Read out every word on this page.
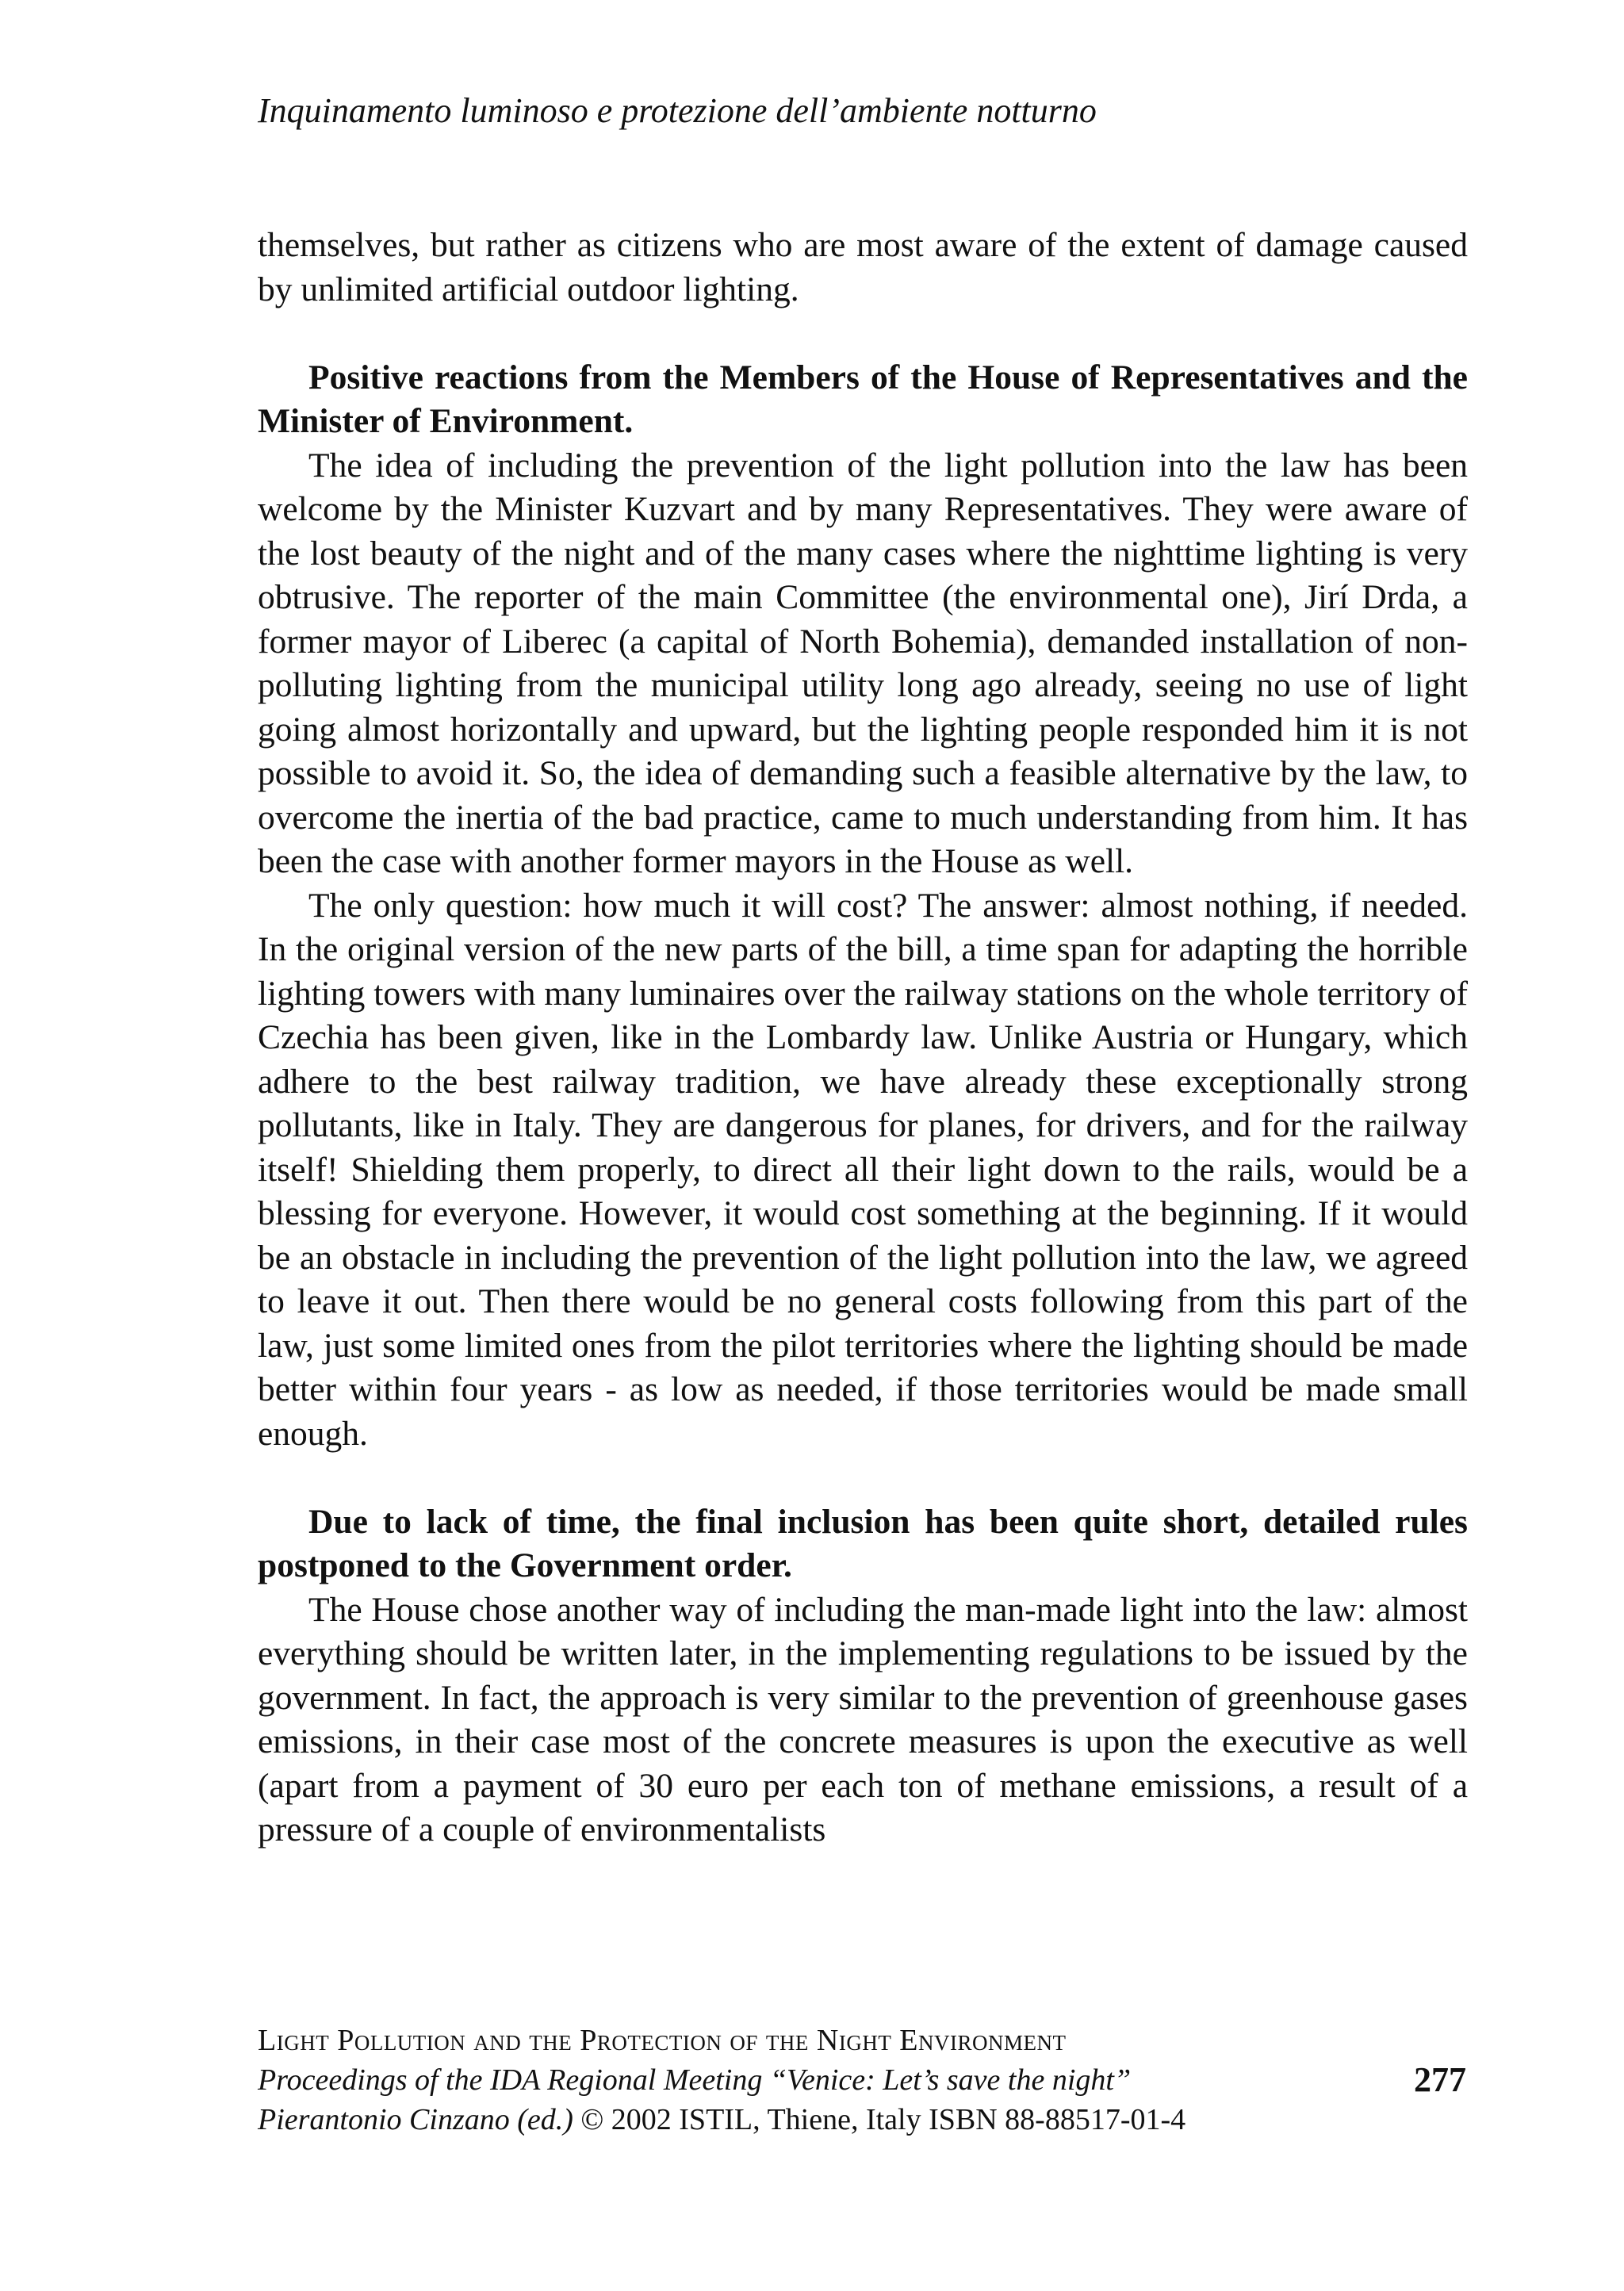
Inquinamento luminoso e protezione dell’ambiente notturno

themselves, but rather as citizens who are most aware of the extent of damage caused by unlimited artificial outdoor lighting.

Positive reactions from the Members of the House of Representatives and the Minister of Environment.

The idea of including the prevention of the light pollution into the law has been welcome by the Minister Kuzvart and by many Representatives. They were aware of the lost beauty of the night and of the many cases where the nighttime lighting is very obtrusive. The reporter of the main Committee (the environmental one), Jirí Drda, a former mayor of Liberec (a capital of North Bohemia), demanded installation of non-polluting lighting from the municipal utility long ago already, seeing no use of light going almost horizontally and upward, but the lighting people responded him it is not possible to avoid it. So, the idea of demanding such a feasible alternative by the law, to overcome the inertia of the bad practice, came to much understanding from him. It has been the case with another former mayors in the House as well.

The only question: how much it will cost? The answer: almost nothing, if needed. In the original version of the new parts of the bill, a time span for adapting the horrible lighting towers with many luminaires over the railway stations on the whole territory of Czechia has been given, like in the Lombardy law. Unlike Austria or Hungary, which adhere to the best railway tradition, we have already these exceptionally strong pollutants, like in Italy. They are dangerous for planes, for drivers, and for the railway itself! Shielding them properly, to direct all their light down to the rails, would be a blessing for everyone. However, it would cost something at the beginning. If it would be an obstacle in including the prevention of the light pollution into the law, we agreed to leave it out. Then there would be no general costs following from this part of the law, just some limited ones from the pilot territories where the lighting should be made better within four years - as low as needed, if those territories would be made small enough.

Due to lack of time, the final inclusion has been quite short, detailed rules postponed to the Government order.

The House chose another way of including the man-made light into the law: almost everything should be written later, in the implementing regulations to be issued by the government. In fact, the approach is very similar to the prevention of greenhouse gases emissions, in their case most of the concrete measures is upon the executive as well (apart from a payment of 30 euro per each ton of methane emissions, a result of a pressure of a couple of environmentalists

Light Pollution and the Protection of the Night Environment
Proceedings of the IDA Regional Meeting “Venice: Let’s save the night”
Pierantonio Cinzano (ed.) © 2002 ISTIL, Thiene, Italy ISBN 88-88517-01-4
277
